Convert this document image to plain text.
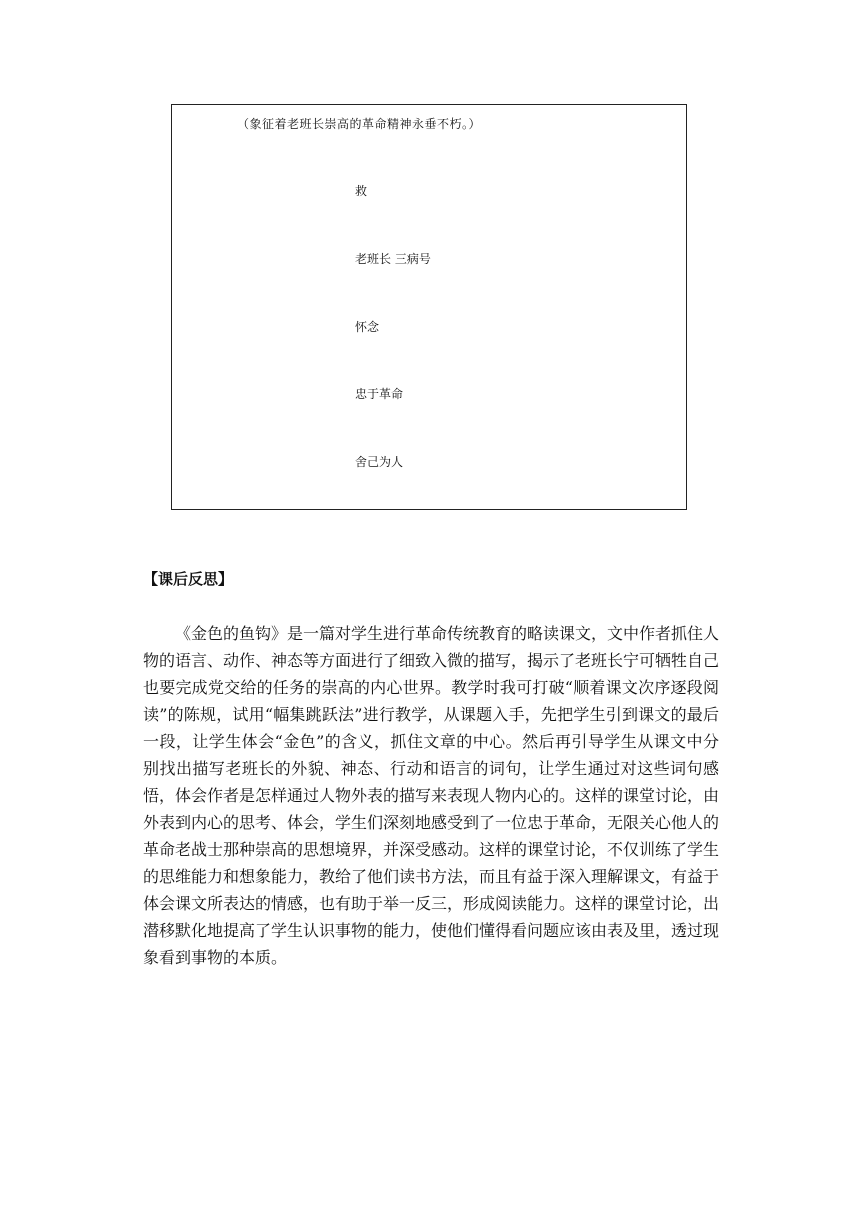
（象征着老班长崇高的革命精神永垂不朽。）
救
老班长 三病号
怀念
忠于革命
舍己为人
【课后反思】

《金色的鱼钩》是一篇对学生进行革命传统教育的略读课文，文中作者抓住人物的语言、动作、神态等方面进行了细致入微的描写，揭示了老班长宁可牺牲自己也要完成党交给的任务的崇高的内心世界。教学时我可打破“顺着课文次序逐段阅读”的陈规，试用“幅集跳跃法”进行教学，从课题入手，先把学生引到课文的最后一段，让学生体会“金色”的含义，抓住文章的中心。然后再引导学生从课文中分别找出描写老班长的外貌、神态、行动和语言的词句，让学生通过对这些词句感悟，体会作者是怎样通过人物外表的描写来表现人物内心的。这样的课堂讨论，由外表到内心的思考、体会，学生们深刻地感受到了一位忠于革命，无限关心他人的革命老战士那种崇高的思想境界，并深受感动。这样的课堂讨论，不仅训练了学生的思维能力和想象能力，教给了他们读书方法，而且有益于深入理解课文，有益于体会课文所表达的情感，也有助于举一反三，形成阅读能力。这样的课堂讨论，出潜移默化地提高了学生认识事物的能力，使他们懂得看问题应该由表及里，透过现象看到事物的本质。
